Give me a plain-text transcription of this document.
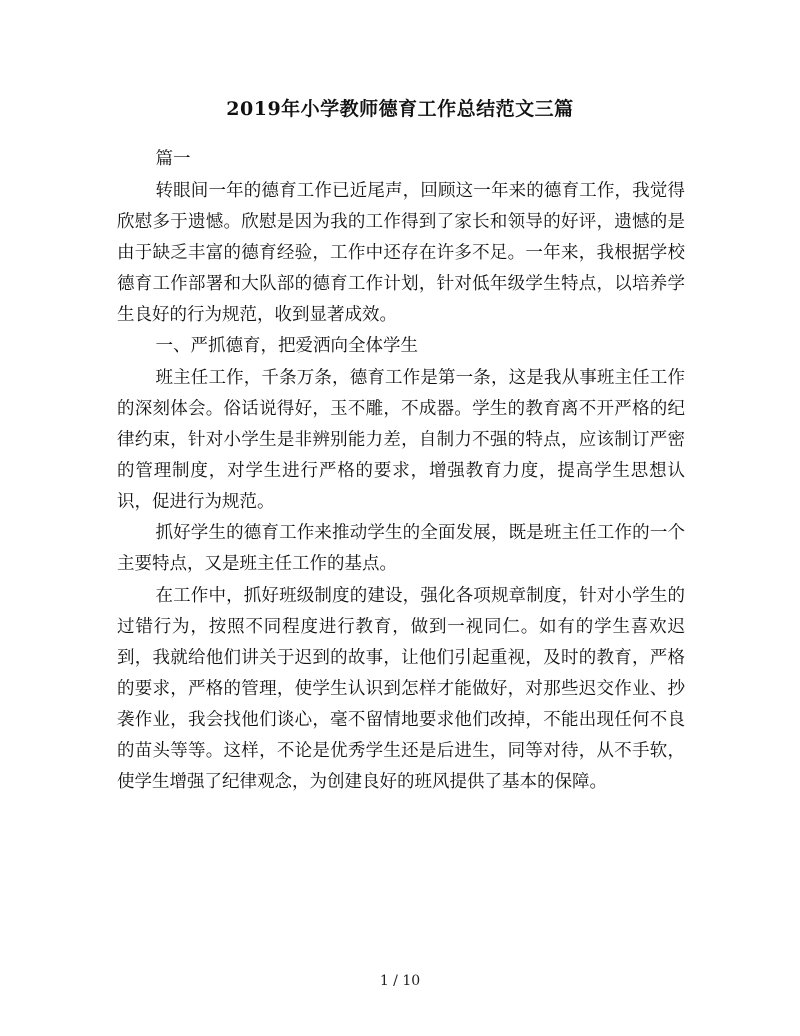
2019年小学教师德育工作总结范文三篇

篇一

转眼间一年的德育工作已近尾声，回顾这一年来的德育工作，我觉得欣慰多于遗憾。欣慰是因为我的工作得到了家长和领导的好评，遗憾的是由于缺乏丰富的德育经验，工作中还存在许多不足。一年来，我根据学校德育工作部署和大队部的德育工作计划，针对低年级学生特点，以培养学生良好的行为规范，收到显著成效。

一、严抓德育，把爱洒向全体学生

班主任工作，千条万条，德育工作是第一条，这是我从事班主任工作的深刻体会。俗话说得好，玉不雕，不成器。学生的教育离不开严格的纪律约束，针对小学生是非辨别能力差，自制力不强的特点，应该制订严密的管理制度，对学生进行严格的要求，增强教育力度，提高学生思想认识，促进行为规范。

抓好学生的德育工作来推动学生的全面发展，既是班主任工作的一个主要特点，又是班主任工作的基点。

在工作中，抓好班级制度的建设，强化各项规章制度，针对小学生的过错行为，按照不同程度进行教育，做到一视同仁。如有的学生喜欢迟到，我就给他们讲关于迟到的故事，让他们引起重视，及时的教育，严格的要求，严格的管理，使学生认识到怎样才能做好，对那些迟交作业、抄袭作业，我会找他们谈心，毫不留情地要求他们改掉，不能出现任何不良的苗头等等。这样，不论是优秀学生还是后进生，同等对待，从不手软，使学生增强了纪律观念，为创建良好的班风提供了基本的保障。

1 / 10
